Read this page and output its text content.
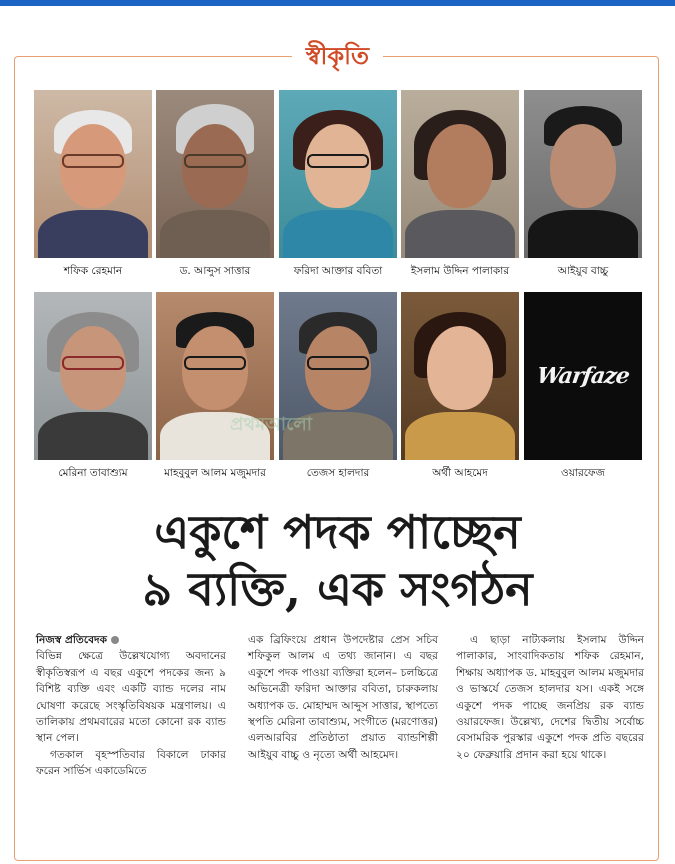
স্বীকৃতি
শফিক রেহমান	ড. আব্দুস সাত্তার	ফরিদা আক্তার ববিতা	ইসলাম উদ্দিন পালাকার	আইয়ুব বাচ্চু
মেরিনা তাবাশ্যুম	মাহবুবুল আলম মজুমদার	তেজস হালদার	অর্থী আহমেদ
Warfaze
ওয়ারফেজ
প্রথমআলো
একুশে পদক পাচ্ছেন
৯ ব্যক্তি, এক সংগঠন
নিজস্ব প্রতিবেদক

বিভিন্ন ক্ষেত্রে উল্লেখযোগ্য অবদানের স্বীকৃতিস্বরূপ এ বছর একুশে পদকের জন্য ৯ বিশিষ্ট ব্যক্তি এবং একটি ব্যান্ড দলের নাম ঘোষণা করেছে সংস্কৃতিবিষয়ক মন্ত্রণালয়। এ তালিকায় প্রথমবারের মতো কোনো রক ব্যান্ড স্থান পেল।

গতকাল বৃহস্পতিবার বিকালে ঢাকার ফরেন সার্ভিস একাডেমিতে

এক ব্রিফিংয়ে প্রধান উপদেষ্টার প্রেস সচিব শফিকুল আলম এ তথ্য জানান। এ বছর একুশে পদক পাওয়া ব্যক্তিরা হলেন– চলচ্চিত্রে অভিনেত্রী ফরিদা আক্তার ববিতা, চারুকলায় অধ্যাপক ড. মোহাম্মদ আব্দুস সাত্তার, স্থাপত্যে স্থপতি মেরিনা তাবাশ্যুম, সংগীতে (মরণোত্তর) এলআরবির প্রতিষ্ঠাতা প্রয়াত ব্যান্ডশিল্পী আইয়ুব বাচ্চু ও নৃত্যে অর্থী আহমেদ।

এ ছাড়া নাট্যকলায় ইসলাম উদ্দিন পালাকার, সাংবাদিকতায় শফিক রেহমান, শিক্ষায় অধ্যাপক ড. মাহবুবুল আলম মজুমদার ও ভাস্কর্যে তেজস হালদার যস। একই সঙ্গে একুশে পদক পাচ্ছে জনপ্রিয় রক ব্যান্ড ওয়ারফেজ। উল্লেখ্য, দেশের দ্বিতীয় সর্বোচ্চ বেসামরিক পুরস্কার একুশে পদক প্রতি বছরের ২০ ফেব্রুয়ারি প্রদান করা হয়ে থাকে।
